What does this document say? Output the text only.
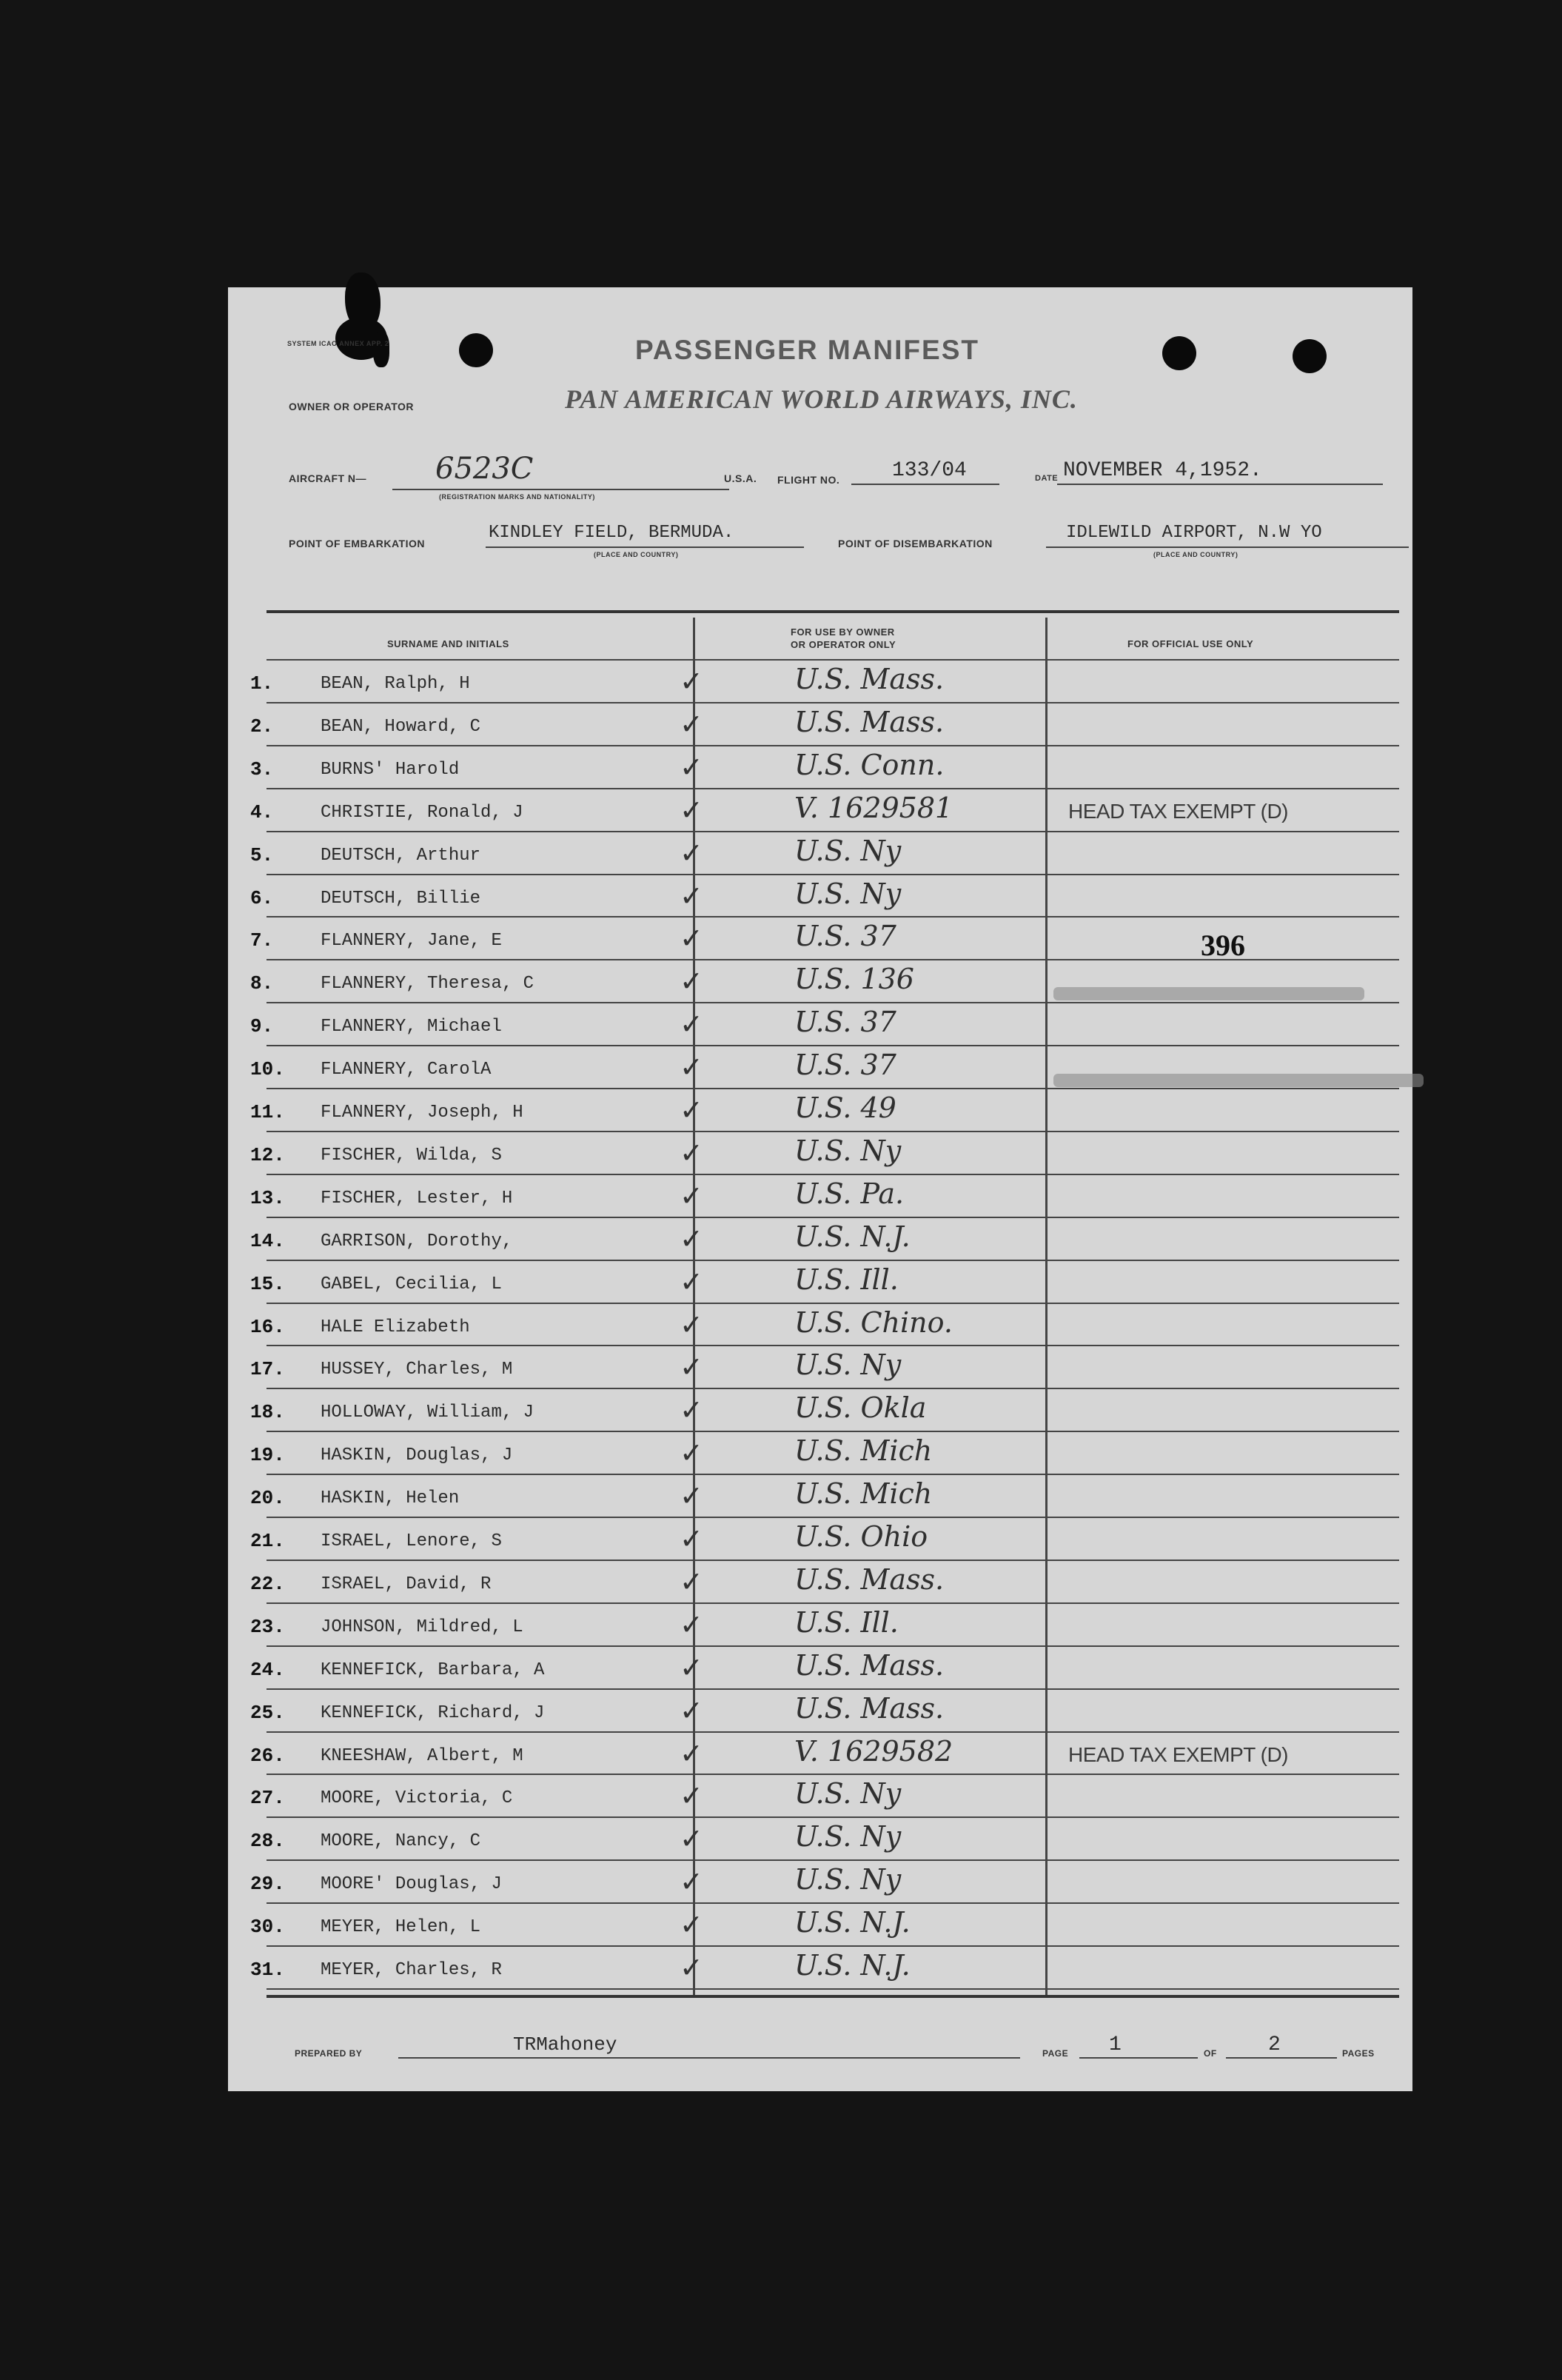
SYSTEM ICAO ANNEX APP. 2	PASSENGER MANIFEST
OWNER OR OPERATOR	PAN AMERICAN WORLD AIRWAYS, INC.
AIRCRAFT N— 6523C
(REGISTRATION MARKS AND NATIONALITY)
U.S.A. FLIGHT NO.	133/04	DATE NOVEMBER 4,1952.
POINT OF EMBARKATION
KINDLEY FIELD, BERMUDA.
(PLACE AND COUNTRY)
POINT OF DISEMBARKATION
IDLEWILD AIRPORT, N.W YO
(PLACE AND COUNTRY)
SURNAME AND INITIALS
FOR USE BY OWNER
OR OPERATOR ONLY	FOR OFFICIAL USE ONLY
1.	BEAN, Ralph, H	✓	U.S. Mass.
2.	BEAN, Howard, C	✓	U.S. Mass.
3.	BURNS' Harold	✓	U.S. Conn.
4.	CHRISTIE, Ronald, J	✓	V. 1629581	HEAD TAX EXEMPT (D)
5.	DEUTSCH, Arthur	✓	U.S. Ny
6.	DEUTSCH, Billie	✓	U.S. Ny
7.	FLANNERY, Jane, E	✓	U.S. 37
8.	FLANNERY, Theresa, C	✓	U.S. 136
9.	FLANNERY, Michael	✓	U.S. 37
10. FLANNERY, CarolA	✓	U.S. 37
11. FLANNERY, Joseph, H	✓	U.S. 49
12. FISCHER, Wilda, S	✓	U.S. Ny
13. FISCHER, Lester, H	✓	U.S. Pa.
14. GARRISON, Dorothy,	✓	U.S. N.J.
15. GABEL, Cecilia, L	✓	U.S. Ill.
16. HALE Elizabeth	✓	U.S. Chino.
17. HUSSEY, Charles, M	✓	U.S. Ny
18. HOLLOWAY, William, J	✓	U.S. Okla
19. HASKIN, Douglas, J	✓	U.S. Mich
20. HASKIN, Helen	✓	U.S. Mich
21. ISRAEL, Lenore, S	✓	U.S. Ohio
22. ISRAEL, David, R	✓	U.S. Mass.
23. JOHNSON, Mildred, L	✓	U.S. Ill.
24. KENNEFICK, Barbara, A	✓	U.S. Mass.
25. KENNEFICK, Richard, J	✓	U.S. Mass.
26. KNEESHAW, Albert, M	✓	V. 1629582	HEAD TAX EXEMPT (D)
27. MOORE, Victoria, C	✓	U.S. Ny
28. MOORE, Nancy, C	✓	U.S. Ny
29. MOORE' Douglas, J	✓	U.S. Ny
30. MEYER, Helen, L	✓	U.S. N.J.
31. MEYER, Charles, R	✓	U.S. N.J.
396
PREPARED BY	TRMahoney	PAGE 1	OF 2	PAGES
